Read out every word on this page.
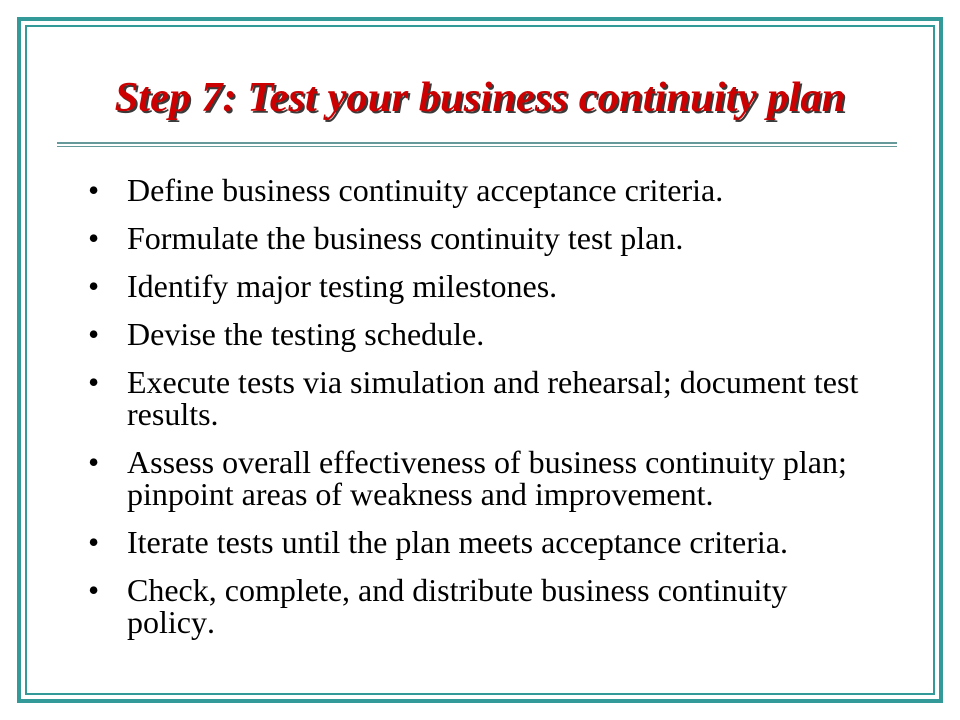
Step 7: Test your business continuity plan
• Define business continuity acceptance criteria.
• Formulate the business continuity test plan.
• Identify major testing milestones.
• Devise the testing schedule.
• Execute tests via simulation and rehearsal; document test results.
• Assess overall effectiveness of business continuity plan; pinpoint areas of weakness and improvement.
• Iterate tests until the plan meets acceptance criteria.
• Check, complete, and distribute business continuity policy.
